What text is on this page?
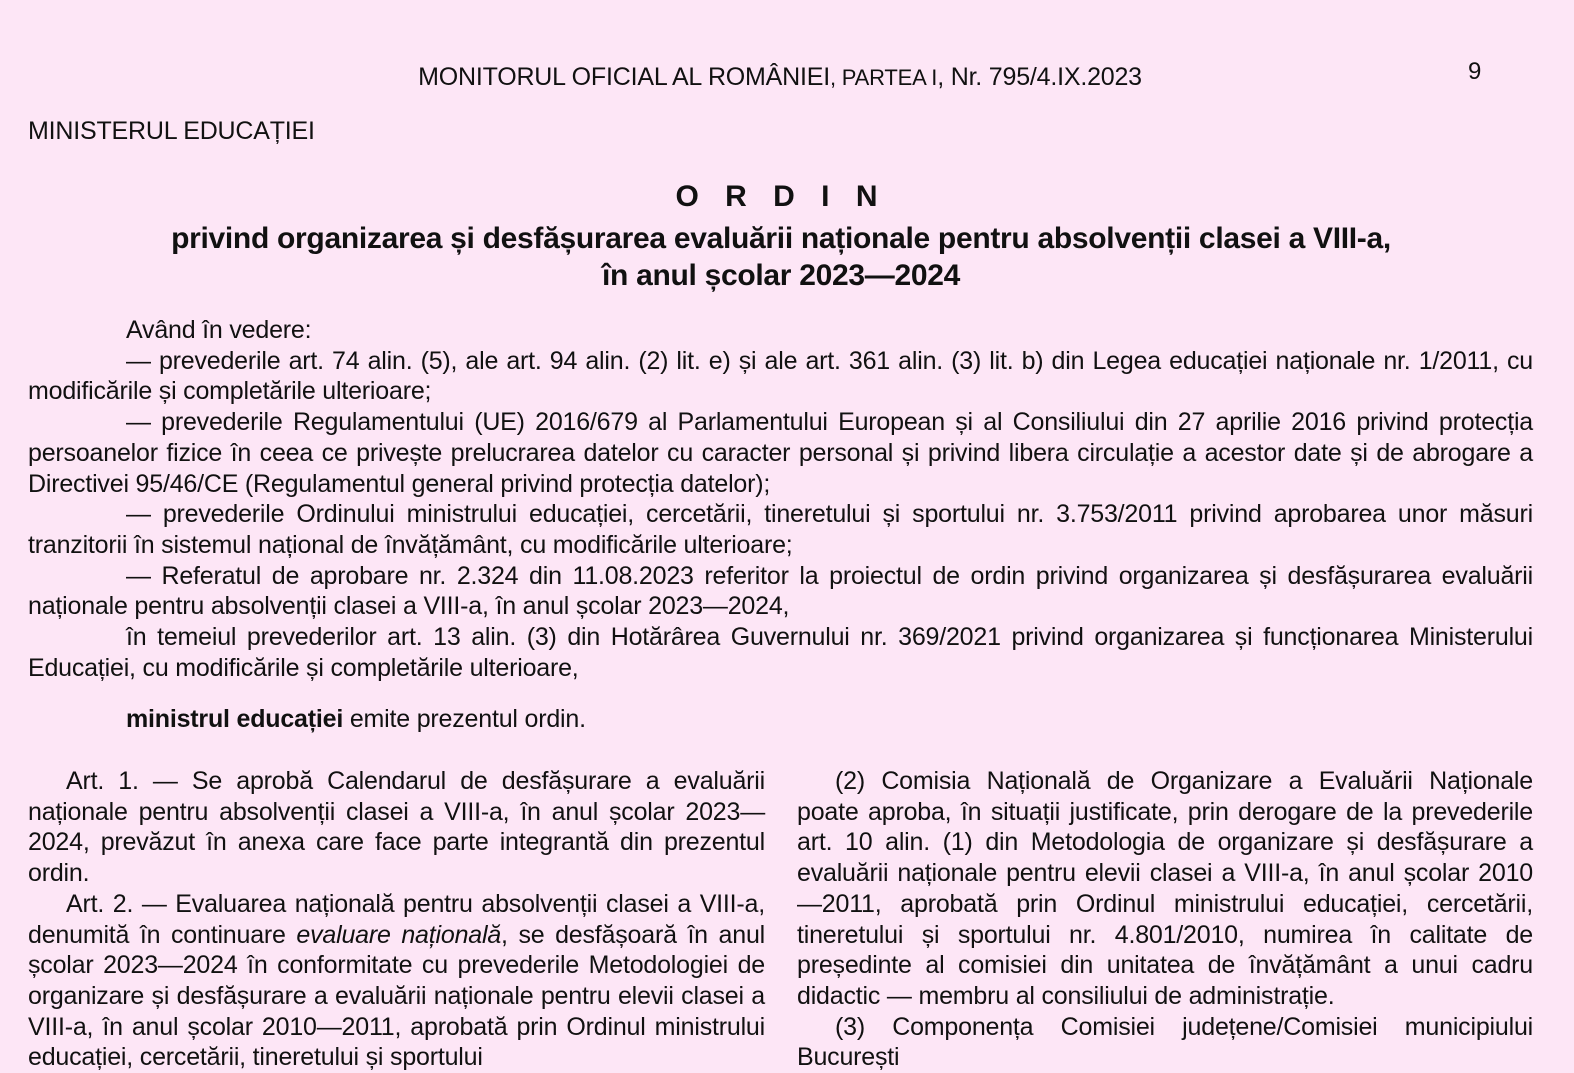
MONITORUL OFICIAL AL ROMÂNIEI, PARTEA I, Nr. 795/4.IX.2023	9
MINISTERUL EDUCAȚIEI
O R D I N
privind organizarea și desfășurarea evaluării naționale pentru absolvenții clasei a VIII-a,
în anul școlar 2023—2024

Având în vedere:

— prevederile art. 74 alin. (5), ale art. 94 alin. (2) lit. e) și ale art. 361 alin. (3) lit. b) din Legea educației naționale nr. 1/2011, cu modificările și completările ulterioare;

— prevederile Regulamentului (UE) 2016/679 al Parlamentului European și al Consiliului din 27 aprilie 2016 privind protecția persoanelor fizice în ceea ce privește prelucrarea datelor cu caracter personal și privind libera circulație a acestor date și de abrogare a Directivei 95/46/CE (Regulamentul general privind protecția datelor);

— prevederile Ordinului ministrului educației, cercetării, tineretului și sportului nr. 3.753/2011 privind aprobarea unor măsuri tranzitorii în sistemul național de învățământ, cu modificările ulterioare;

— Referatul de aprobare nr. 2.324 din 11.08.2023 referitor la proiectul de ordin privind organizarea și desfășurarea evaluării naționale pentru absolvenții clasei a VIII-a, în anul școlar 2023—2024,

în temeiul prevederilor art. 13 alin. (3) din Hotărârea Guvernului nr. 369/2021 privind organizarea și funcționarea Ministerului Educației, cu modificările și completările ulterioare,

ministrul educației emite prezentul ordin.

Art. 1. — Se aprobă Calendarul de desfășurare a evaluării naționale pentru absolvenții clasei a VIII-a, în anul școlar 2023—2024, prevăzut în anexa care face parte integrantă din prezentul ordin.

Art. 2. — Evaluarea națională pentru absolvenții clasei a VIII-a, denumită în continuare evaluare națională, se desfășoară în anul școlar 2023—2024 în conformitate cu prevederile Metodologiei de organizare și desfășurare a evaluării naționale pentru elevii clasei a VIII-a, în anul școlar 2010—2011, aprobată prin Ordinul ministrului educației, cercetării, tineretului și sportului

(2) Comisia Națională de Organizare a Evaluării Naționale poate aproba, în situații justificate, prin derogare de la prevederile art. 10 alin. (1) din Metodologia de organizare și desfășurare a evaluării naționale pentru elevii clasei a VIII-a, în anul școlar 2010—2011, aprobată prin Ordinul ministrului educației, cercetării, tineretului și sportului nr. 4.801/2010, numirea în calitate de președinte al comisiei din unitatea de învățământ a unui cadru didactic — membru al consiliului de administrație.

(3) Componența Comisiei județene/Comisiei municipiului București
